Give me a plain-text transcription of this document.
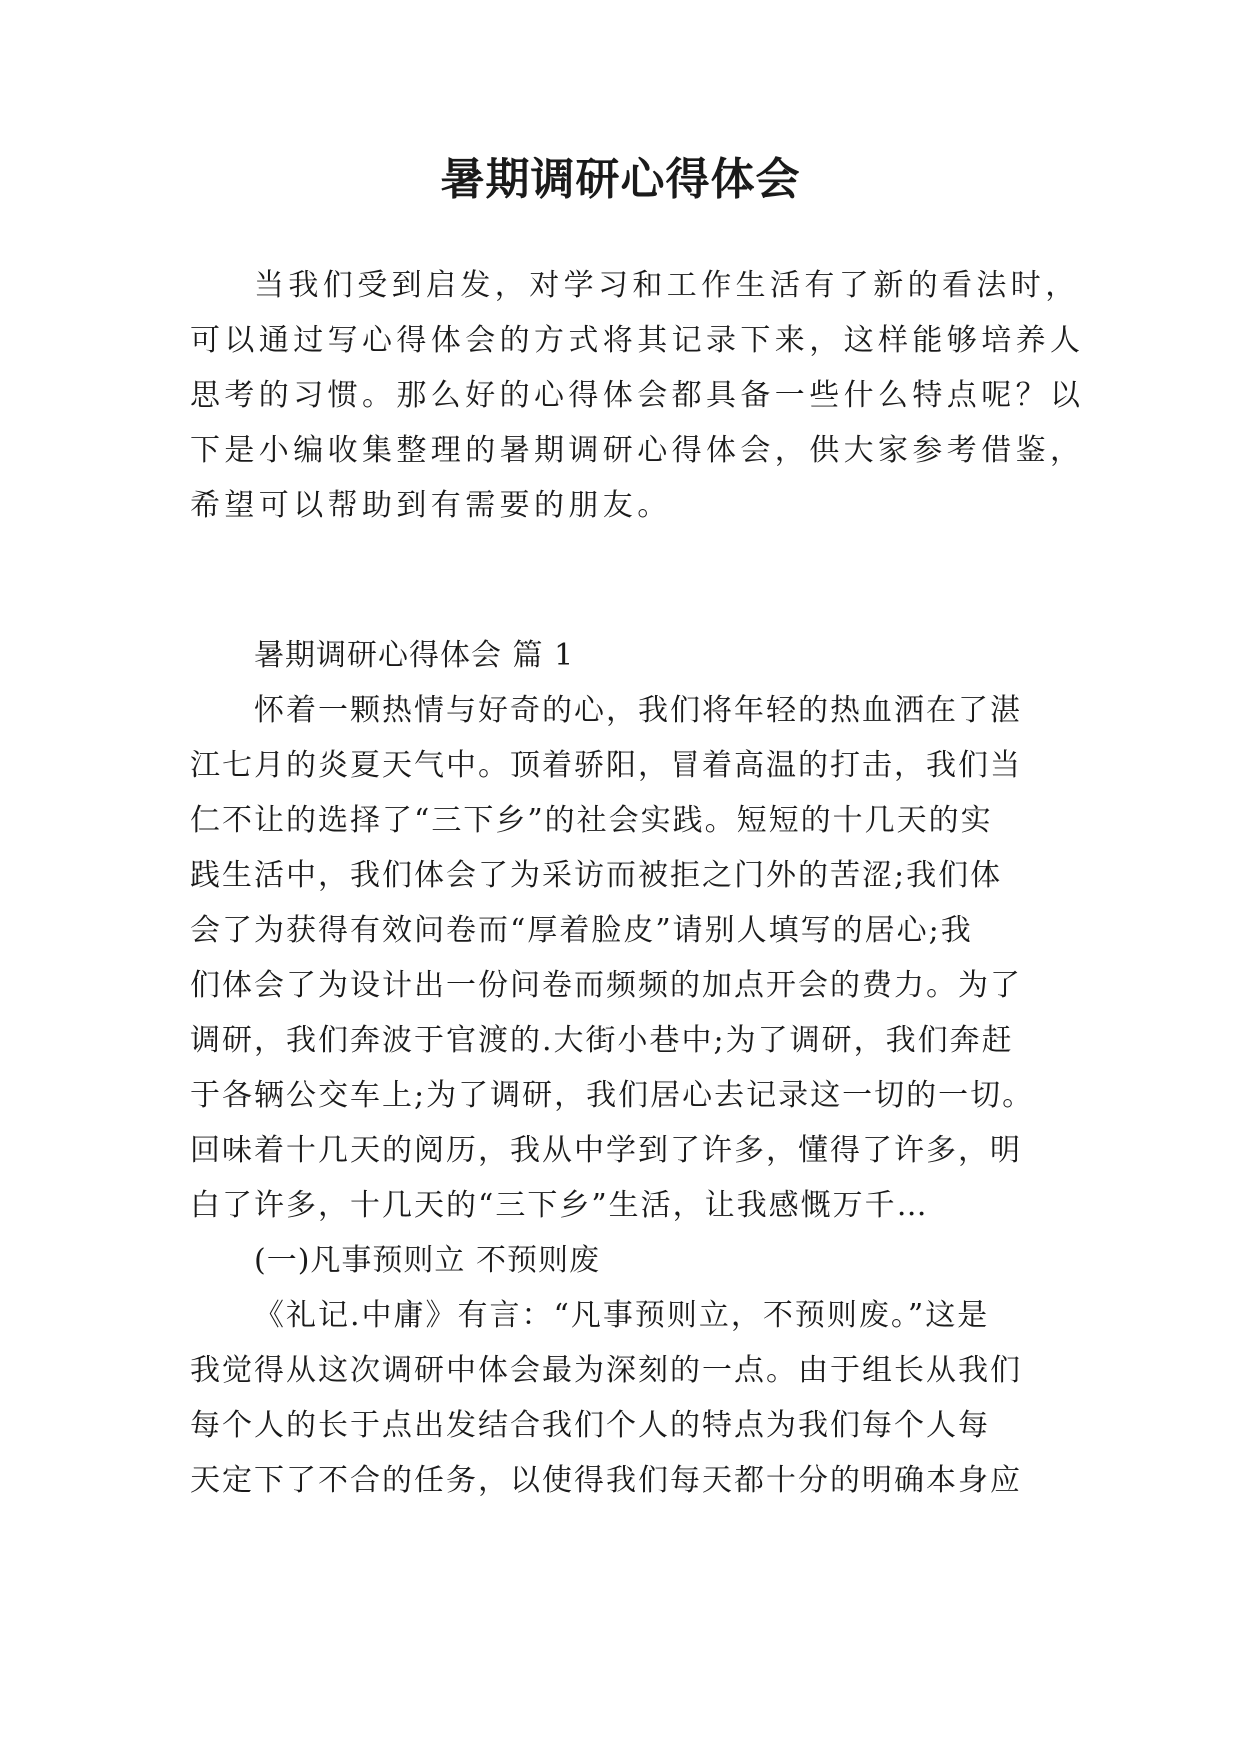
暑期调研心得体会

当我们受到启发，对学习和工作生活有了新的看法时，

可以通过写心得体会的方式将其记录下来，这样能够培养人

思考的习惯。那么好的心得体会都具备一些什么特点呢？以

下是小编收集整理的暑期调研心得体会，供大家参考借鉴，

希望可以帮助到有需要的朋友。

暑期调研心得体会 篇 1

怀着一颗热情与好奇的心，我们将年轻的热血洒在了湛

江七月的炎夏天气中。顶着骄阳，冒着高温的打击，我们当

仁不让的选择了“三下乡”的社会实践。短短的十几天的实

践生活中，我们体会了为采访而被拒之门外的苦涩;我们体

会了为获得有效问卷而“厚着脸皮”请别人填写的居心;我

们体会了为设计出一份问卷而频频的加点开会的费力。为了

调研，我们奔波于官渡的.大街小巷中;为了调研，我们奔赶

于各辆公交车上;为了调研，我们居心去记录这一切的一切。

回味着十几天的阅历，我从中学到了许多，懂得了许多，明

白了许多，十几天的“三下乡”生活，让我感慨万千…

(一)凡事预则立 不预则废

《礼记.中庸》有言：“凡事预则立，不预则废。”这是

我觉得从这次调研中体会最为深刻的一点。由于组长从我们

每个人的长于点出发结合我们个人的特点为我们每个人每

天定下了不合的任务，以使得我们每天都十分的明确本身应
